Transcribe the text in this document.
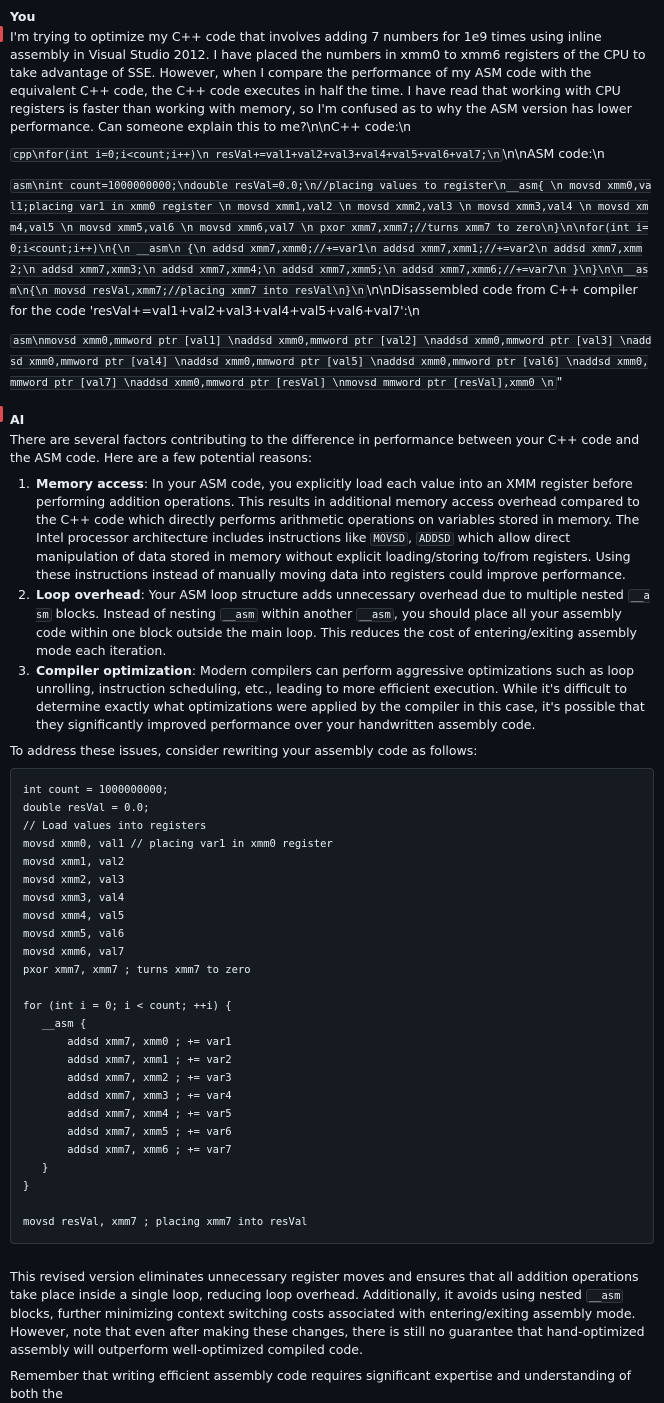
You

I'm trying to optimize my C++ code that involves adding 7 numbers for 1e9 times using inline assembly in Visual Studio 2012. I have placed the numbers in xmm0 to xmm6 registers of the CPU to take advantage of SSE. However, when I compare the performance of my ASM code with the equivalent C++ code, the C++ code executes in half the time. I have read that working with CPU registers is faster than working with memory, so I'm confused as to why the ASM version has lower performance. Can someone explain this to me?\n\nC++ code:\n

cpp\nfor(int i=0;i<count;i++)\n resVal+=val1+val2+val3+val4+val5+val6+val7;\n \n\nASM code:\n
asm\nint count=1000000000;\ndouble resVal=0.0;\n//placing values to register\n__asm{ \n movsd xmm0,val1;placing var1 in xmm0 register \n movsd xmm1,val2 \n movsd xmm2,val3 \n movsd xmm3,val4 \n movsd xmm4,val5 \n movsd xmm5,val6 \n movsd xmm6,val7 \n pxor xmm7,xmm7;//turns xmm7 to zero\n}\n\nfor(int i=0;i<count;i++)\n{\n __asm\n {\n addsd xmm7,xmm0;//+=var1\n addsd xmm7,xmm1;//+=var2\n addsd xmm7,xmm2;\n addsd xmm7,xmm3;\n addsd xmm7,xmm4;\n addsd xmm7,xmm5;\n addsd xmm7,xmm6;//+=var7\n }\n}\n\n__asm\n{\n movsd resVal,xmm7;//placing xmm7 into resVal\n}\n \n\nDisassembled code from C++ compiler for the code 'resVal+=val1+val2+val3+val4+val5+val6+val7':\n
asm\nmovsd xmm0,mmword ptr [val1] \naddsd xmm0,mmword ptr [val2] \naddsd xmm0,mmword ptr [val3] \naddsd xmm0,mmword ptr [val4] \naddsd xmm0,mmword ptr [val5] \naddsd xmm0,mmword ptr [val6] \naddsd xmm0,mmword ptr [val7] \naddsd xmm0,mmword ptr [resVal] \nmovsd mmword ptr [resVal],xmm0 \n "
AI

There are several factors contributing to the difference in performance between your C++ code and the ASM code. Here are a few potential reasons:

1. Memory access: In your ASM code, you explicitly load each value into an XMM register before performing addition operations. This results in additional memory access overhead compared to the C++ code which directly performs arithmetic operations on variables stored in memory. The Intel processor architecture includes instructions like MOVSD , ADDSD which allow direct manipulation of data stored in memory without explicit loading/storing to/from registers. Using these instructions instead of manually moving data into registers could improve performance.
2. Loop overhead: Your ASM loop structure adds unnecessary overhead due to multiple nested __asm blocks. Instead of nesting __asm within another __asm , you should place all your assembly code within one block outside the main loop. This reduces the cost of entering/exiting assembly mode each iteration.
3. Compiler optimization: Modern compilers can perform aggressive optimizations such as loop unrolling, instruction scheduling, etc., leading to more efficient execution. While it's difficult to determine exactly what optimizations were applied by the compiler in this case, it's possible that they significantly improved performance over your handwritten assembly code.

To address these issues, consider rewriting your assembly code as follows:

int count = 1000000000;
double resVal = 0.0;
// Load values into registers
movsd xmm0, val1 // placing var1 in xmm0 register
movsd xmm1, val2
movsd xmm2, val3
movsd xmm3, val4
movsd xmm4, val5
movsd xmm5, val6
movsd xmm6, val7
pxor xmm7, xmm7 ; turns xmm7 to zero

for (int i = 0; i < count; ++i) {
__asm {
addsd xmm7, xmm0 ; += var1
addsd xmm7, xmm1 ; += var2
addsd xmm7, xmm2 ; += var3
addsd xmm7, xmm3 ; += var4
addsd xmm7, xmm4 ; += var5
addsd xmm7, xmm5 ; += var6
addsd xmm7, xmm6 ; += var7
}
}

movsd resVal, xmm7 ; placing xmm7 into resVal

This revised version eliminates unnecessary register moves and ensures that all addition operations take place inside a single loop, reducing loop overhead. Additionally, it avoids using nested __asm blocks, further minimizing context switching costs associated with entering/exiting assembly mode. However, note that even after making these changes, there is still no guarantee that hand-optimized assembly will outperform well-optimized compiled code.

Remember that writing efficient assembly code requires significant expertise and understanding of both the
